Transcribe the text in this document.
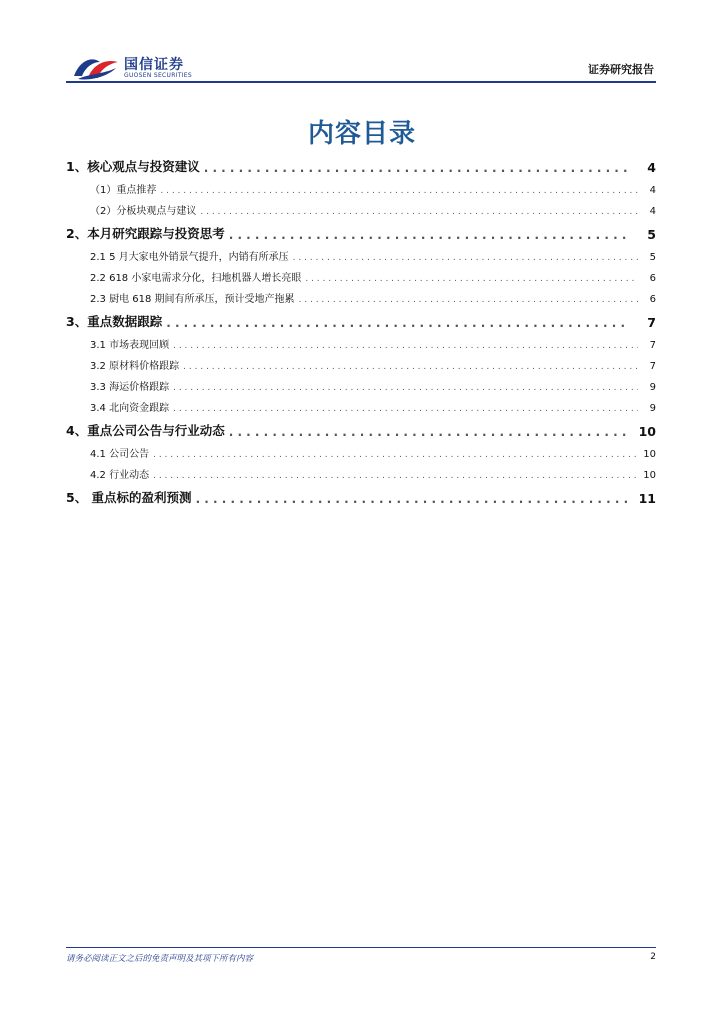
国信证券
GUOSEN SECURITIES	证券研究报告
内容目录
1、核心观点与投资建议 . . .	4
（1）重点推荐 . . .	4
（2）分板块观点与建议 . . .	4
2、本月研究跟踪与投资思考 . . .	5
2.1 5 月大家电外销景气提升，内销有所承压 . . .	5
2.2 618 小家电需求分化，扫地机器人增长亮眼 . . .	6
2.3 厨电 618 期间有所承压，预计受地产拖累 . . .	6
3、重点数据跟踪 . . .	7
3.1 市场表现回顾 . . .	7
3.2 原材料价格跟踪 . . .	7
3.3 海运价格跟踪 . . .	9
3.4 北向资金跟踪 . . .	9
4、重点公司公告与行业动态 . . .	10
4.1 公司公告 . . .	10
4.2 行业动态 . . .	10
5、 重点标的盈利预测 . . .	11
请务必阅读正文之后的免责声明及其项下所有内容	2
